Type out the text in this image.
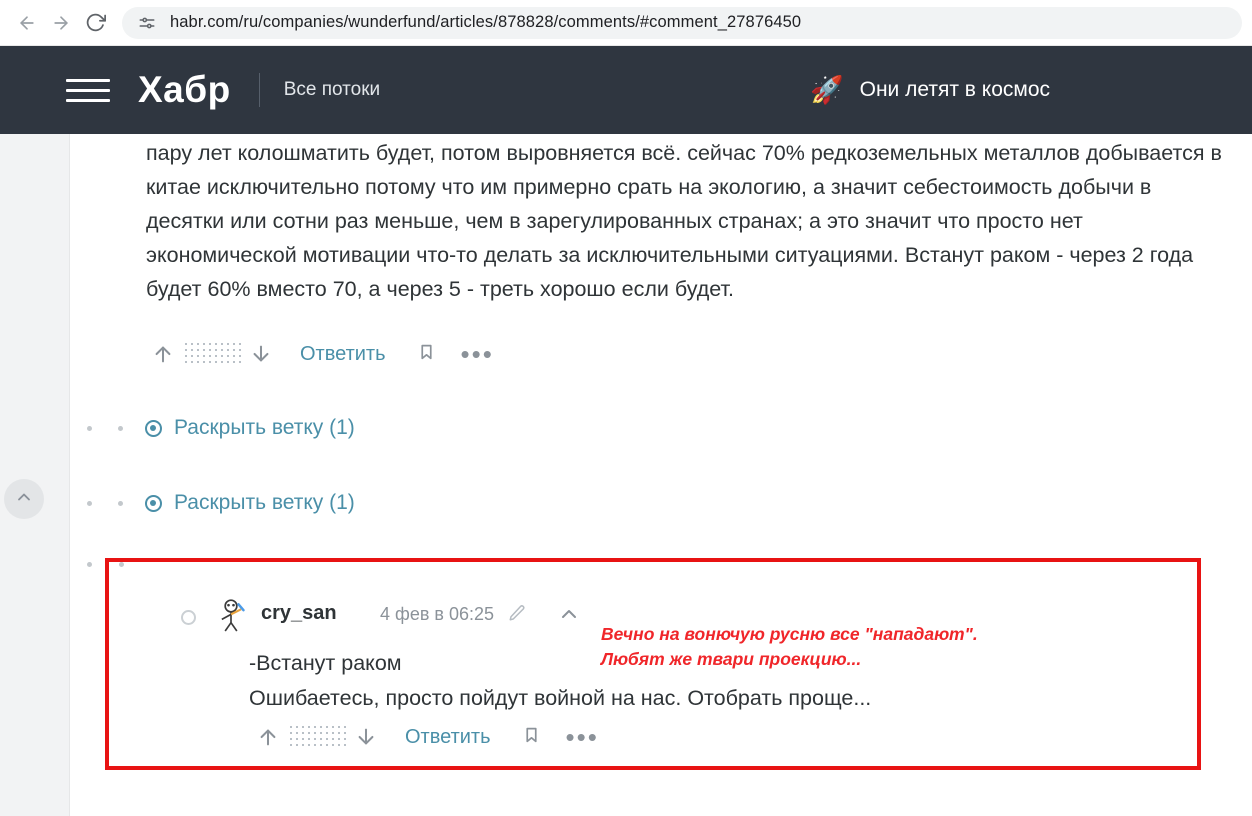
habr.com/ru/companies/wunderfund/articles/878828/comments/#comment_27876450
Хабр	Все потоки	🚀 Они летят в космос
пару лет колошматить будет, потом выровняется всё. сейчас 70% редкоземельных металлов добывается в китае исключительно потому что им примерно срать на экологию, а значит себестоимость добычи в десятки или сотни раз меньше, чем в зарегулированных странах; а это значит что просто нет экономической мотивации что-то делать за исключительными ситуациями. Встанут раком - через 2 года будет 60% вместо 70, а через 5 - треть хорошо если будет.
Ответить	•••
Раскрыть ветку (1)
Раскрыть ветку (1)
cry_san 4 фев в 06:25
Вечно на вонючую русню все "нападают".
Любят же твари проекцию...
-Встанут раком
Ошибаетесь, просто пойдут войной на нас. Отобрать проще...
Ответить	•••
